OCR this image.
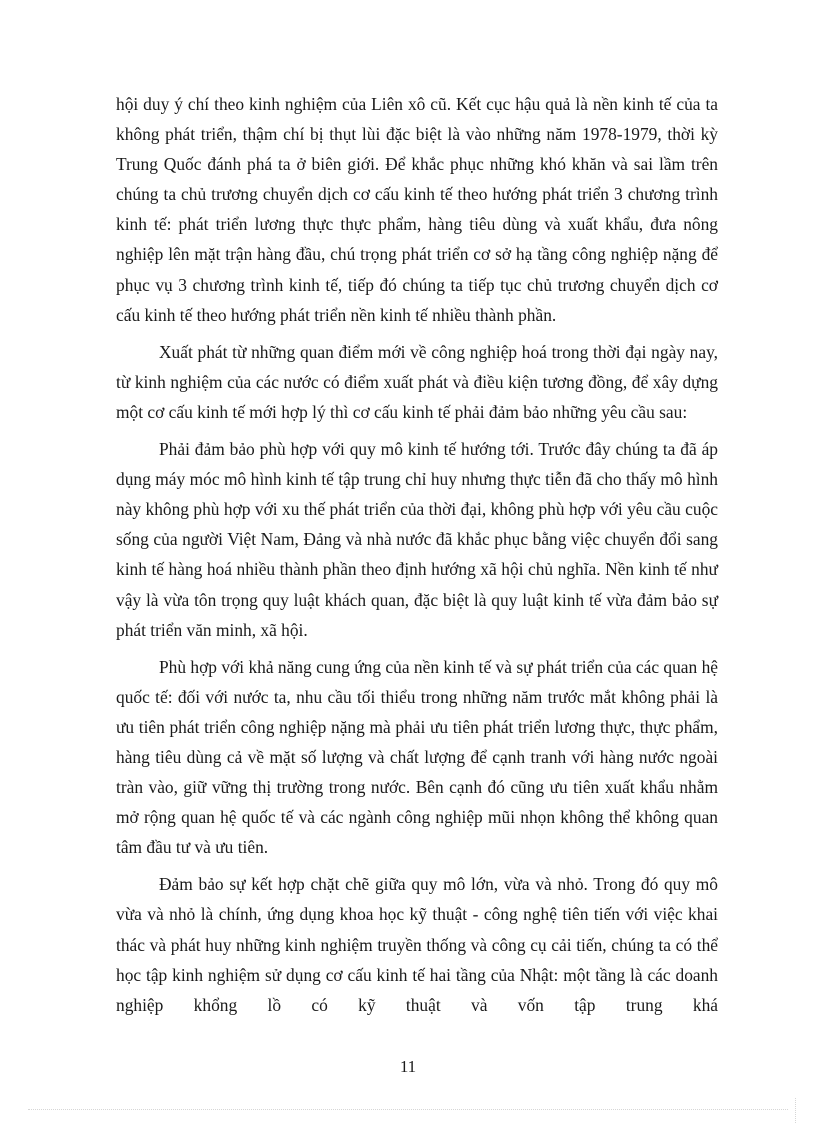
hội duy ý chí theo kinh nghiệm của Liên xô cũ. Kết cục hậu quả là nền kinh tế của ta không phát triển, thậm chí bị thụt lùi đặc biệt là vào những năm 1978-1979, thời kỳ Trung Quốc đánh phá ta ở biên giới. Để khắc phục những khó khăn và sai lầm trên chúng ta chủ trương chuyển dịch cơ cấu kinh tế theo hướng phát triển 3 chương trình kinh tế: phát triển lương thực thực phẩm, hàng tiêu dùng và xuất khẩu, đưa nông nghiệp lên mặt trận hàng đầu, chú trọng phát triển cơ sở hạ tầng công nghiệp nặng để phục vụ 3 chương trình kinh tế, tiếp đó chúng ta tiếp tục chủ trương chuyển dịch cơ cấu kinh tế theo hướng phát triển nền kinh tế nhiều thành phần.

Xuất phát từ những quan điểm mới về công nghiệp hoá trong thời đại ngày nay, từ kinh nghiệm của các nước có điểm xuất phát và điều kiện tương đồng, để xây dựng một cơ cấu kinh tế mới hợp lý thì cơ cấu kinh tế phải đảm bảo những yêu cầu sau:

Phải đảm bảo phù hợp với quy mô kinh tế hướng tới. Trước đây chúng ta đã áp dụng máy móc mô hình kinh tế tập trung chỉ huy nhưng thực tiễn đã cho thấy mô hình này không phù hợp với xu thế phát triển của thời đại, không phù hợp với yêu cầu cuộc sống của người Việt Nam, Đảng và nhà nước đã khắc phục bằng việc chuyển đổi sang kinh tế hàng hoá nhiều thành phần theo định hướng xã hội chủ nghĩa. Nền kinh tế như vậy là vừa tôn trọng quy luật khách quan, đặc biệt là quy luật kinh tế vừa đảm bảo sự phát triển văn minh, xã hội.

Phù hợp với khả năng cung ứng của nền kinh tế và sự phát triển của các quan hệ quốc tế: đối với nước ta, nhu cầu tối thiểu trong những năm trước mắt không phải là ưu tiên phát triển công nghiệp nặng mà phải ưu tiên phát triển lương thực, thực phẩm, hàng tiêu dùng cả về mặt số lượng và chất lượng để cạnh tranh với hàng nước ngoài tràn vào, giữ vững thị trường trong nước. Bên cạnh đó cũng ưu tiên xuất khẩu nhằm mở rộng quan hệ quốc tế và các ngành công nghiệp mũi nhọn không thể không quan tâm đầu tư và ưu tiên.

Đảm bảo sự kết hợp chặt chẽ giữa quy mô lớn, vừa và nhỏ. Trong đó quy mô vừa và nhỏ là chính, ứng dụng khoa học kỹ thuật - công nghệ tiên tiến với việc khai thác và phát huy những kinh nghiệm truyền thống và công cụ cải tiến, chúng ta có thể học tập kinh nghiệm sử dụng cơ cấu kinh tế hai tầng của Nhật: một tầng là các doanh nghiệp khổng lồ có kỹ thuật và vốn tập trung khá

11
